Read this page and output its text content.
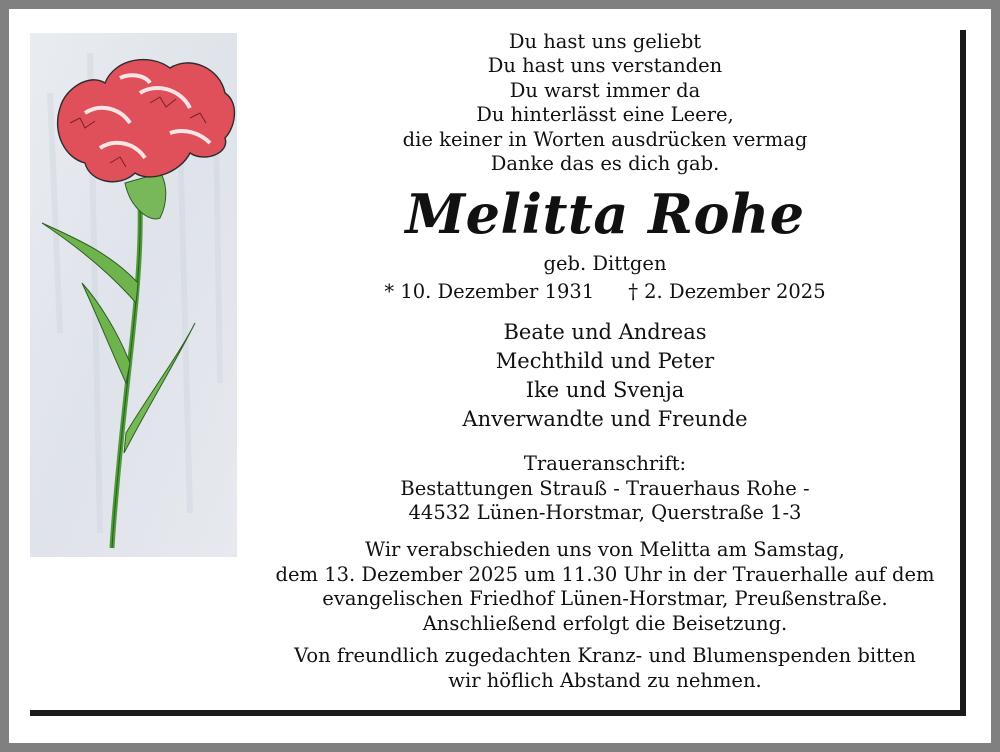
Du hast uns geliebt
Du hast uns verstanden
Du warst immer da
Du hinterlässt eine Leere,
die keiner in Worten ausdrücken vermag
Danke das es dich gab.
Melitta Rohe
geb. Dittgen
* 10. Dezember 1931 † 2. Dezember 2025
Beate und Andreas
Mechthild und Peter
Ike und Svenja
Anverwandte und Freunde
Traueranschrift:
Bestattungen Strauß - Trauerhaus Rohe -
44532 Lünen-Horstmar, Querstraße 1-3
Wir verabschieden uns von Melitta am Samstag,
dem 13. Dezember 2025 um 11.30 Uhr in der Trauerhalle auf dem
evangelischen Friedhof Lünen-Horstmar, Preußenstraße.
Anschließend erfolgt die Beisetzung.
Von freundlich zugedachten Kranz- und Blumenspenden bitten
wir höflich Abstand zu nehmen.
